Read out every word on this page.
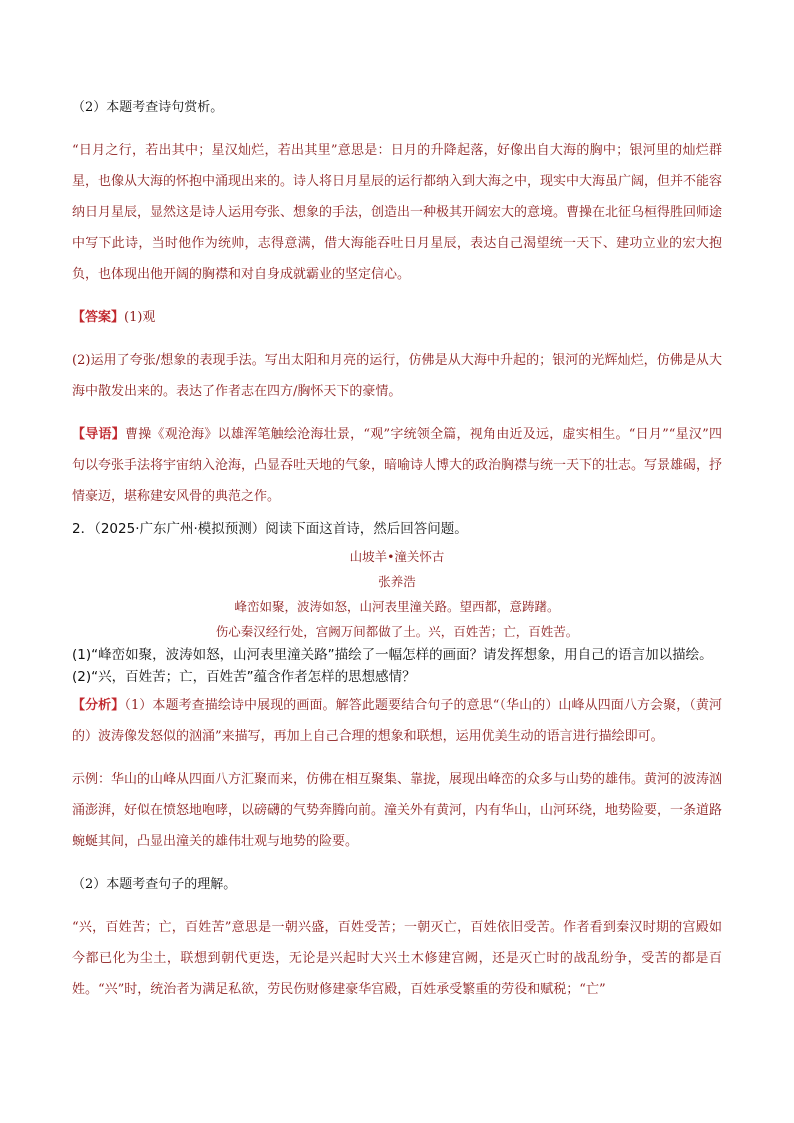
（2）本题考查诗句赏析。

“日月之行，若出其中；星汉灿烂，若出其里”意思是：日月的升降起落，好像出自大海的胸中；银河里的灿烂群星，也像从大海的怀抱中涌现出来的。诗人将日月星辰的运行都纳入到大海之中，现实中大海虽广阔，但并不能容纳日月星辰，显然这是诗人运用夸张、想象的手法，创造出一种极其开阔宏大的意境。曹操在北征乌桓得胜回师途中写下此诗，当时他作为统帅，志得意满，借大海能吞吐日月星辰，表达自己渴望统一天下、建功立业的宏大抱负，也体现出他开阔的胸襟和对自身成就霸业的坚定信心。

【答案】(1)观

(2)运用了夸张/想象的表现手法。写出太阳和月亮的运行，仿佛是从大海中升起的；银河的光辉灿烂，仿佛是从大海中散发出来的。表达了作者志在四方/胸怀天下的豪情。

【导语】曹操《观沧海》以雄浑笔触绘沧海壮景，“观”字统领全篇，视角由近及远，虚实相生。“日月”“星汉”四句以夸张手法将宇宙纳入沧海，凸显吞吐天地的气象，暗喻诗人博大的政治胸襟与统一天下的壮志。写景雄碣，抒情豪迈，堪称建安风骨的典范之作。

2．（2025·广东广州·模拟预测）阅读下面这首诗，然后回答问题。

山坡羊•潼关怀古

张养浩

峰峦如聚，波涛如怒，山河表里潼关路。望西都，意踌躇。

伤心秦汉经行处，宫阙万间都做了土。兴，百姓苦；亡，百姓苦。

(1)“峰峦如聚，波涛如怒，山河表里潼关路”描绘了一幅怎样的画面？请发挥想象，用自己的语言加以描绘。

(2)“兴，百姓苦；亡，百姓苦”蕴含作者怎样的思想感情？

【分析】（1）本题考查描绘诗中展现的画面。解答此题要结合句子的意思“（华山的）山峰从四面八方会聚，（黄河的）波涛像发怒似的汹涌”来描写，再加上自己合理的想象和联想，运用优美生动的语言进行描绘即可。

示例：华山的山峰从四面八方汇聚而来，仿佛在相互聚集、靠拢，展现出峰峦的众多与山势的雄伟。黄河的波涛汹涌澎湃，好似在愤怒地咆哮，以磅礴的气势奔腾向前。潼关外有黄河，内有华山，山河环绕，地势险要，一条道路蜿蜒其间，凸显出潼关的雄伟壮观与地势的险要。

（2）本题考查句子的理解。

“兴，百姓苦；亡，百姓苦”意思是一朝兴盛，百姓受苦；一朝灭亡，百姓依旧受苦。作者看到秦汉时期的宫殿如今都已化为尘土，联想到朝代更迭，无论是兴起时大兴土木修建宫阙，还是灭亡时的战乱纷争，受苦的都是百姓。“兴”时，统治者为满足私欲，劳民伤财修建豪华宫殿，百姓承受繁重的劳役和赋税；“亡”
